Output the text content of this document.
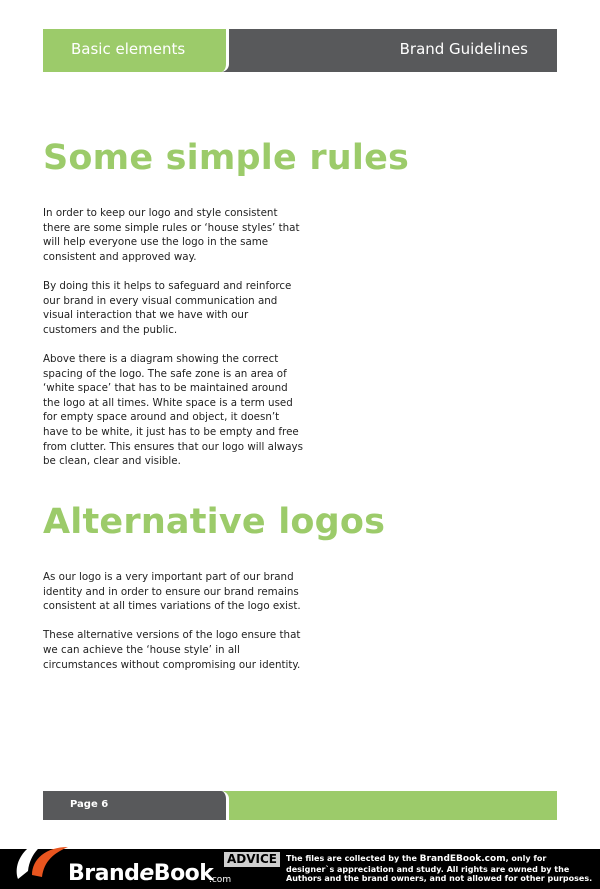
Basic elements	Brand Guidelines
Some simple rules

In order to keep our logo and style consistent there are some simple rules or ‘house styles’ that will help everyone use the logo in the same consistent and approved way.

By doing this it helps to safeguard and reinforce our brand in every visual communication and visual interaction that we have with our customers and the public.

Above there is a diagram showing the correct spacing of the logo. The safe zone is an area of ‘white space’ that has to be maintained around the logo at all times. White space is a term used for empty space around and object, it doesn’t have to be white, it just has to be empty and free from clutter. This ensures that our logo will always be clean, clear and visible.

Alternative logos

As our logo is a very important part of our brand identity and in order to ensure our brand remains consistent at all times variations of the logo exist.

These alternative versions of the logo ensure that we can achieve the ‘house style’ in all circumstances without compromising our identity.

Page 6
BrandeBook
.com
ADVICE	The files are collected by the BrandEBook.com, only for designer`s appreciation and study. All rights are owned by the Authors and the brand owners, and not allowed for other purposes.
